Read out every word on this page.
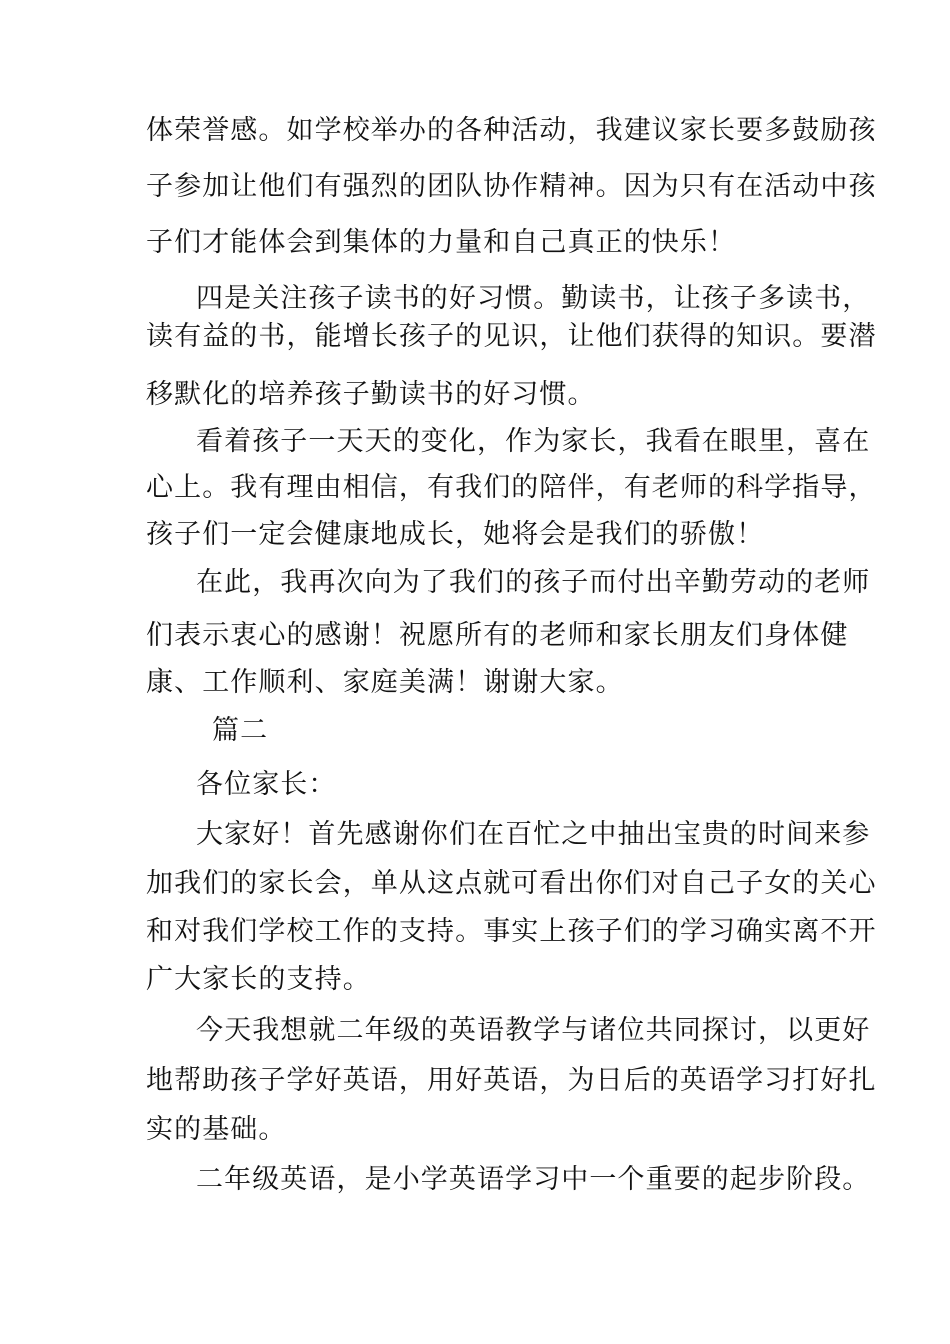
体荣誉感。如学校举办的各种活动，我建议家长要多鼓励孩
子参加让他们有强烈的团队协作精神。因为只有在活动中孩
子们才能体会到集体的力量和自己真正的快乐！
四是关注孩子读书的好习惯。勤读书，让孩子多读书，
读有益的书，能增长孩子的见识，让他们获得的知识。要潜
移默化的培养孩子勤读书的好习惯。
看着孩子一天天的变化，作为家长，我看在眼里，喜在
心上。我有理由相信，有我们的陪伴，有老师的科学指导，
孩子们一定会健康地成长，她将会是我们的骄傲！
在此，我再次向为了我们的孩子而付出辛勤劳动的老师
们表示衷心的感谢！祝愿所有的老师和家长朋友们身体健
康、工作顺利、家庭美满！谢谢大家。
篇二
各位家长：
大家好！首先感谢你们在百忙之中抽出宝贵的时间来参
加我们的家长会，单从这点就可看出你们对自己子女的关心
和对我们学校工作的支持。事实上孩子们的学习确实离不开
广大家长的支持。
今天我想就二年级的英语教学与诸位共同探讨，以更好
地帮助孩子学好英语，用好英语，为日后的英语学习打好扎
实的基础。
二年级英语，是小学英语学习中一个重要的起步阶段。
